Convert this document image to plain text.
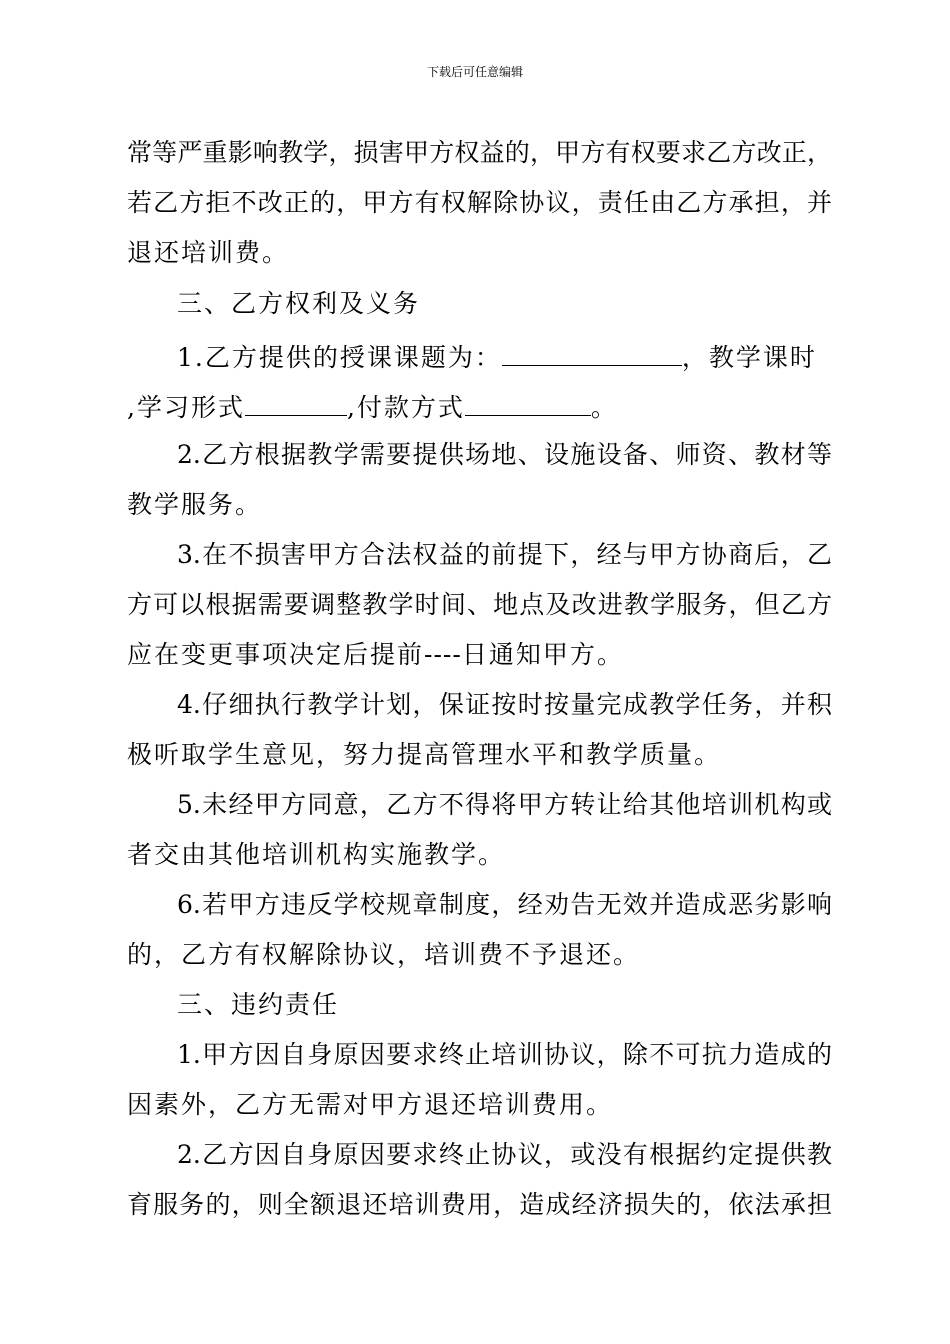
下载后可任意编辑
常等严重影响教学，损害甲方权益的，甲方有权要求乙方改正，
若乙方拒不改正的，甲方有权解除协议，责任由乙方承担，并
退还培训费。
三、乙方权利及义务
1.乙方提供的授课课题为：	，教学课时
,学习形式	,付款方式	。
2.乙方根据教学需要提供场地、设施设备、师资、教材等
教学服务。
3.在不损害甲方合法权益的前提下，经与甲方协商后，乙
方可以根据需要调整教学时间、地点及改进教学服务，但乙方
应在变更事项决定后提前----日通知甲方。
4.仔细执行教学计划，保证按时按量完成教学任务，并积
极听取学生意见，努力提高管理水平和教学质量。
5.未经甲方同意，乙方不得将甲方转让给其他培训机构或
者交由其他培训机构实施教学。
6.若甲方违反学校规章制度，经劝告无效并造成恶劣影响
的，乙方有权解除协议，培训费不予退还。
三、违约责任
1.甲方因自身原因要求终止培训协议，除不可抗力造成的
因素外，乙方无需对甲方退还培训费用。
2.乙方因自身原因要求终止协议，或没有根据约定提供教
育服务的，则全额退还培训费用，造成经济损失的，依法承担
